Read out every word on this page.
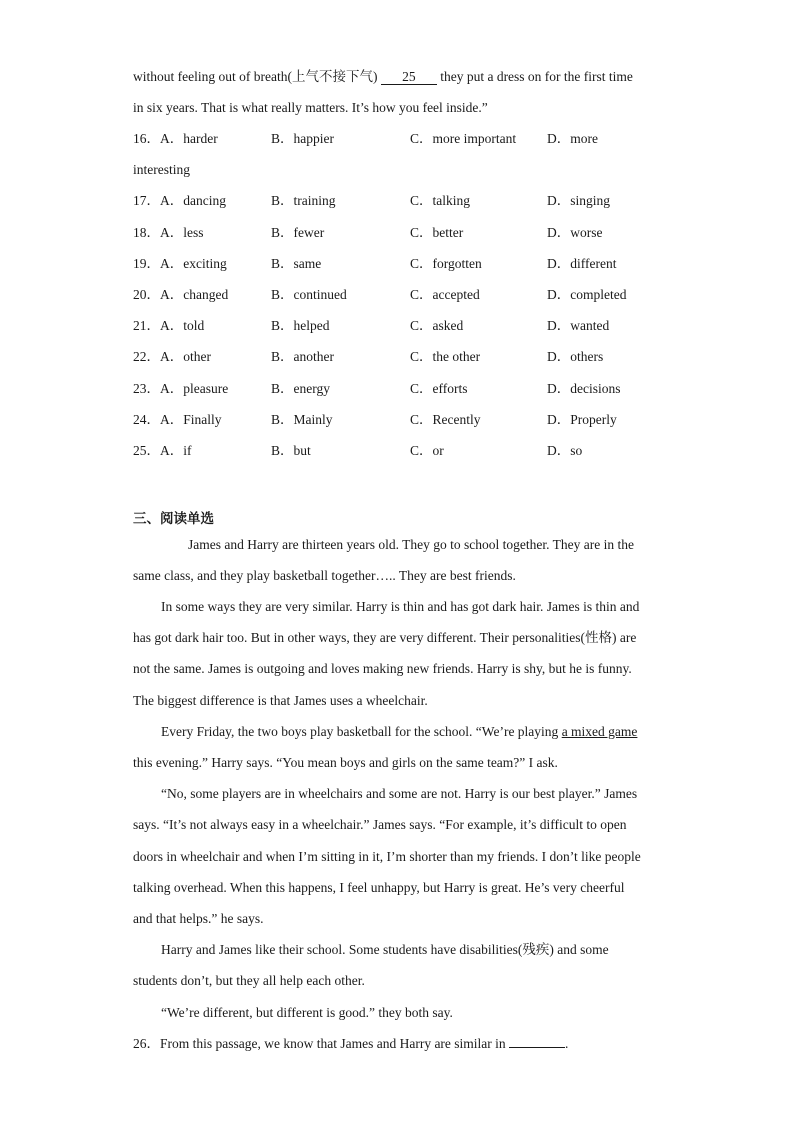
without feeling out of breath(上气不接下气) 25 they put a dress on for the first time
in six years. That is what really matters. It’s how you feel inside.”
16． A．harder	B．happier	C．more important D．more
interesting
17． A．dancing	B．training	C．talking	D．singing
18． A．less	B．fewer	C．better	D．worse
19． A．exciting	B．same	C．forgotten	D．different
20． A．changed	B．continued	C．accepted	D．completed
21． A．told	B．helped	C．asked	D．wanted
22． A．other	B．another	C．the other	D．others
23． A．pleasure	B．energy	C．efforts	D．decisions
24． A．Finally	B．Mainly	C．Recently	D．Properly
25． A．if	B．but	C．or	D．so
三、阅读单选
James and Harry are thirteen years old. They go to school together. They are in the
same class, and they play basketball together….. They are best friends.
In some ways they are very similar. Harry is thin and has got dark hair. James is thin and
has got dark hair too. But in other ways, they are very different. Their personalities(性格) are
not the same. James is outgoing and loves making new friends. Harry is shy, but he is funny.
The biggest difference is that James uses a wheelchair.
Every Friday, the two boys play basketball for the school. “We’re playing a mixed game
this evening.” Harry says. “You mean boys and girls on the same team?” I ask.
“No, some players are in wheelchairs and some are not. Harry is our best player.” James
says. “It’s not always easy in a wheelchair.” James says. “For example, it’s difficult to open
doors in wheelchair and when I’m sitting in it, I’m shorter than my friends. I don’t like people
talking overhead. When this happens, I feel unhappy, but Harry is great. He’s very cheerful
and that helps.” he says.
Harry and James like their school. Some students have disabilities(残疾) and some
students don’t, but they all help each other.
“We’re different, but different is good.” they both say.
26．From this passage, we know that James and Harry are similar in	.
